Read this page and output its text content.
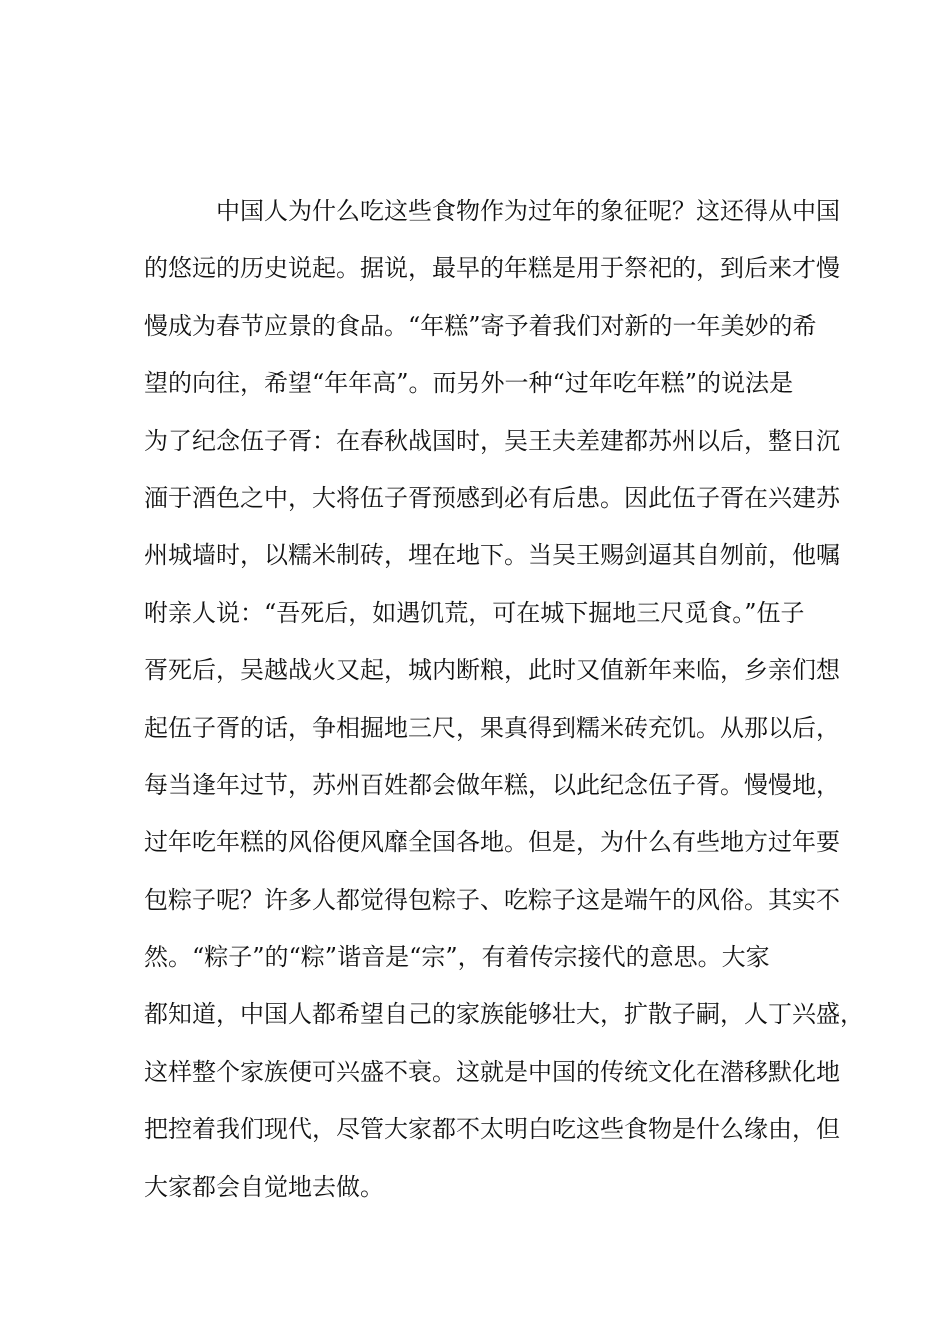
中国人为什么吃这些食物作为过年的象征呢？这还得从中国
的悠远的历史说起。据说，最早的年糕是用于祭祀的，到后来才慢
慢成为春节应景的食品。“年糕”寄予着我们对新的一年美妙的希
望的向往，希望“年年高”。而另外一种“过年吃年糕”的说法是
为了纪念伍子胥：在春秋战国时，吴王夫差建都苏州以后，整日沉
湎于酒色之中，大将伍子胥预感到必有后患。因此伍子胥在兴建苏
州城墙时，以糯米制砖，埋在地下。当吴王赐剑逼其自刎前，他嘱
咐亲人说：“吾死后，如遇饥荒，可在城下掘地三尺觅食。”伍子
胥死后，吴越战火又起，城内断粮，此时又值新年来临，乡亲们想
起伍子胥的话，争相掘地三尺，果真得到糯米砖充饥。从那以后，
每当逢年过节，苏州百姓都会做年糕，以此纪念伍子胥。慢慢地，
过年吃年糕的风俗便风靡全国各地。但是，为什么有些地方过年要
包粽子呢？许多人都觉得包粽子、吃粽子这是端午的风俗。其实不
然。“粽子”的“粽”谐音是“宗”，有着传宗接代的意思。大家
都知道，中国人都希望自己的家族能够壮大，扩散子嗣，人丁兴盛，
这样整个家族便可兴盛不衰。这就是中国的传统文化在潜移默化地
把控着我们现代，尽管大家都不太明白吃这些食物是什么缘由，但
大家都会自觉地去做。
